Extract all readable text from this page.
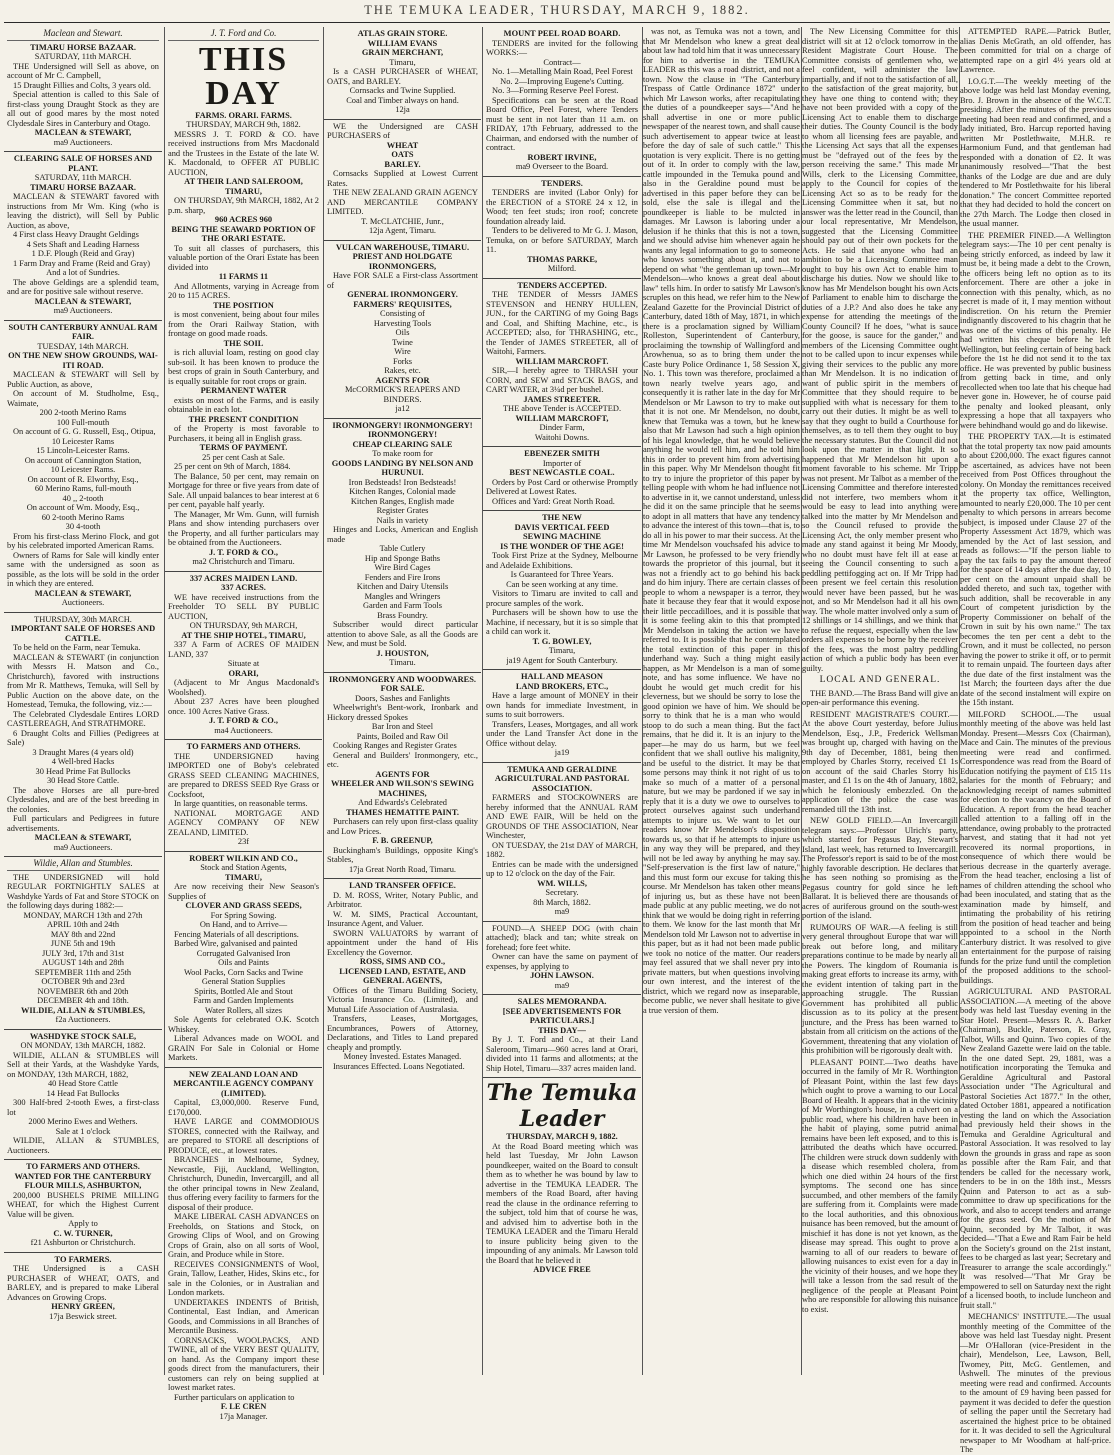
THE TEMUKA LEADER, THURSDAY, MARCH 9, 1882.
Maclean and Stewart.
TIMARU HORSE BAZAAR.
SATURDAY, 11th MARCH.
THE Undersigned will Sell as above, on account of Mr C. Campbell,
15 Draught Fillies and Colts, 3 years old.
Special attention is called to this Sale of first-class young Draught Stock as they are all out of good mares by the most noted Clydesdale Sires in Canterbury and Otago.
MACLEAN & STEWART,
ma9 Auctioneers.
CLEARING SALE OF HORSES AND PLANT.
SATURDAY, 11th MARCH.
TIMARU HORSE BAZAAR.
MACLEAN & STEWART favored with instructions from Mr Wm. King (who is leaving the district), will Sell by Public Auction, as above,
4 First class Heavy Draught Geldings
4 Sets Shaft and Leading Harness
1 D.F. Plough (Reid and Gray)
1 Farm Dray and Frame (Reid and Gray)
And a lot of Sundries.
The above Geldings are a splendid team, and are for positive sale without reserve.
MACLEAN & STEWART,
ma9 Auctioneers.
SOUTH CANTERBURY ANNUAL RAM FAIR.
TUESDAY, 14th MARCH.
ON THE NEW SHOW GROUNDS, WAI-ITI ROAD.
MACLEAN & STEWART will Sell by Public Auction, as above,
On account of M. Studholme, Esq., Waimate,
200 2-tooth Merino Rams
100 Full-mouth
On account of G. G. Russell, Esq., Otipua,
10 Leicester Rams
15 Lincoln-Leicester Rams.
On account of Cannington Station,
10 Leicester Rams.
On account of R. Elworthy, Esq.,
60 Merino Rams, full-mouth
40 ,, 2-tooth
On account of Wm. Moody, Esq.,
60 2-tooth Merino Rams
30 4-tooth
From his first-class Merino Flock, and got by his celebrated imported American Rams.
Owners of Rams for Sale will kindly enter same with the undersigned as soon as possible, as the lots will be sold in the order in which they are entered.
MACLEAN & STEWART,
Auctioneers.
THURSDAY, 30th MARCH.
IMPORTANT SALE OF HORSES AND CATTLE.
To be held on the Farm, near Temuka.
MACLEAN & STEWART (in conjunction with Messrs H. Matson and Co., Christchurch), favored with instructions from Mr R. Matthews, Temuka, will Sell by Public Auction on the above date, on the Homestead, Temuka, the following, viz.:—
The Celebrated Clydesdale Entires LORD CASTLEREAGH, And STRATHMORE.
6 Draught Colts and Fillies (Pedigrees at Sale)
3 Draught Mares (4 years old)
4 Well-bred Hacks
30 Head Prime Fat Bullocks
30 Head Store Cattle.
The above Horses are all pure-bred Clydesdales, and are of the best breeding in the colonies.
Full particulars and Pedigrees in future advertisements.
MACLEAN & STEWART,
ma9 Auctioneers.
Wildie, Allan and Stumbles.
THE UNDERSIGNED will hold REGULAR FORTNIGHTLY SALES at Washdyke Yards of Fat and Store STOCK on the following days during 1882:—
MONDAY, MARCH 13th and 27th
APRIL 10th and 24th
MAY 8th and 22nd
JUNE 5th and 19th
JULY 3rd, 17th and 31st
AUGUST 14th and 28th
SEPTEMBER 11th and 25th
OCTOBER 9th and 23rd
NOVEMBER 6th and 20th
DECEMBER 4th and 18th.
WILDIE, ALLAN & STUMBLES,
f2a Auctioneers.
WASHDYKE STOCK SALE,
ON MONDAY, 13th MARCH, 1882.
WILDIE, ALLAN & STUMBLES will Sell at their Yards, at the Washdyke Yards, on MONDAY, 13th MARCH, 1882,
40 Head Store Cattle
14 Head Fat Bullocks
300 Half-bred 2-tooth Ewes, a first-class lot
2000 Merino Ewes and Wethers.
Sale at 1 o'clock
WILDIE, ALLAN & STUMBLES, Auctioneers.
TO FARMERS AND OTHERS.
WANTED FOR THE CANTERBURY FLOUR MILLS, ASHBURTON,
200,000 BUSHELS PRIME MILLING WHEAT, for which the Highest Current Value will be given.
Apply to
C. W. TURNER,
f21 Ashburton or Christchurch.
TO FARMERS.
THE Undersigned is a CASH PURCHASER of WHEAT, OATS, and BARLEY, and is prepared to make Liberal Advances on Growing Crops.
HENRY GREEN,
17ja Beswick street.
J. T. Ford and Co.
THIS DAY
FARMS. ORARI. FARMS.
THURSDAY, MARCH 9th, 1882.
MESSRS J. T. FORD & CO. have received instructions from Mrs Macdonald and the Trustees in the Estate of the late W. K. Macdonald, to OFFER AT PUBLIC AUCTION,
AT THEIR LAND SALEROOM, TIMARU,
ON THURSDAY, 9th MARCH, 1882, At 2 p.m. sharp,
960 ACRES 960
BEING THE SEAWARD PORTION OF THE ORARI ESTATE.
To suit all classes of purchasers, this valuable portion of the Orari Estate has been divided into
11 FARMS 11
And Allotments, varying in Acreage from 20 to 115 ACRES.
THE POSITION
is most convenient, being about four miles from the Orari Railway Station, with frontage on good made roads.
THE SOIL
is rich alluvial loam, resting on good clay sub-soil. It has been known to produce the best crops of grain in South Canterbury, and is equally suitable for root crops or grain.
PERMANENT WATER
exists on most of the Farms, and is easily obtainable in each lot.
THE PRESENT CONDITION
of the Property is most favorable to Purchasers, it being all in English grass.
TERMS OF PAYMENT.
25 per cent Cash at Sale.
25 per cent on 9th of March, 1884.
The Balance, 50 per cent, may remain on Mortgage for three or five years from date of Sale. All unpaid balances to bear interest at 6 per cent, payable half yearly.
The Manager, Mr Wm. Gunn, will furnish Plans and show intending purchasers over the Property, and all further particulars may be obtained from the Auctioneers.
J. T. FORD & CO.,
ma2 Christchurch and Timaru.
337 ACRES MAIDEN LAND.
337 ACRES.
WE have received instructions from the Freeholder TO SELL BY PUBLIC AUCTION,
ON THURSDAY, 9th MARCH,
AT THE SHIP HOTEL, TIMARU,
337 A Farm of ACRES OF MAIDEN LAND, 337
Situate at
ORARI,
(Adjacent to Mr Angus Macdonald's Woolshed).
About 237 Acres have been ploughed once. 100 Acres Native Grass.
J. T. FORD & CO.,
ma4 Auctioneers.
TO FARMERS AND OTHERS.
THE UNDERSIGNED having IMPORTED one of Boby's celebrated GRASS SEED CLEANING MACHINES, are prepared to DRESS SEED Rye Grass or Cocksfoot,
In large quantities, on reasonable terms.
NATIONAL MORTGAGE AND AGENCY COMPANY OF NEW ZEALAND, LIMITED.
23f
ROBERT WILKIN AND CO.,
Stock and Station Agents,
TIMARU,
Are now receiving their New Season's Supplies of
CLOVER AND GRASS SEEDS,
For Spring Sowing.
On Hand, and to Arrive—
Fencing Materials of all descriptions.
Barbed Wire, galvanised and painted
Corrugated Galvanised Iron
Oils and Paints
Wool Packs, Corn Sacks and Twine
General Station Supplies
Spirits, Bottled Ale and Stout
Farm and Garden Implements
Water Rollers, all sizes
Sole Agents for celebrated O.K. Scotch Whiskey.
Liberal Advances made on WOOL and GRAIN For Sale in Colonial or Home Markets.
NEW ZEALAND LOAN AND MERCANTILE AGENCY COMPANY (LIMITED).
Capital, £3,000,000. Reserve Fund, £170,000.
HAVE LARGE and COMMODIOUS STORES, connected with the Railway, and are prepared to STORE all descriptions of PRODUCE, etc., at lowest rates.
BRANCHES in Melbourne, Sydney, Newcastle, Fiji, Auckland, Wellington, Christchurch, Dunedin, Invercargill, and all the other principal towns in New Zealand, thus offering every facility to farmers for the disposal of their produce.
MAKE LIBERAL CASH ADVANCES on Freeholds, on Stations and Stock, on Growing Clips of Wool, and on Growing Crops of Grain, also on all sorts of Wool, Grain, and Produce while in Store.
RECEIVES CONSIGNMENTS of Wool, Grain, Tallow, Leather, Hides, Skins etc., for sale in the Colonies, or in Australian and London markets.
UNDERTAKES INDENTS of British, Continental, East Indian, and American Goods, and Commissions in all Branches of Mercantile Business.
CORNSACKS, WOOLPACKS, AND TWINE, all of the VERY BEST QUALITY, on hand. As the Company import these goods direct from the manufacturers, their customers can rely on being supplied at lowest market rates.
Further particulars on application to
F. LE CREN
17ja Manager.
ATLAS GRAIN STORE.
WILLIAM EVANS
GRAIN MERCHANT,
Timaru,
Is a CASH PURCHASER of WHEAT, OATS, and BARLEY.
Cornsacks and Twine Supplied.
Coal and Timber always on hand.
12ja
WE the Undersigned are CASH PURCHASERS of
WHEAT
OATS
BARLEY.
Cornsacks Supplied at Lowest Current Rates.
THE NEW ZEALAND GRAIN AGENCY AND MERCANTILE COMPANY LIMITED.
T. McCLATCHIE, Junr.,
12ja Agent, Timaru.
VULCAN WAREHOUSE, TIMARU.
PRIEST AND HOLDGATE
IRONMONGERS,
Have FOR SALE a First-class Assortment of
GENERAL IRONMONGERY.
FARMERS' REQUISITES,
Consisting of
Harvesting Tools
Oils
Twine
Wire
Forks
Rakes, etc.
AGENTS FOR
McCORMICK'S REAPERS AND BINDERS.
ja12
IRONMONGERY! IRONMONGERY! IRONMONGERY!
CHEAP CLEARING SALE
To make room for
GOODS LANDING BY NELSON AND HURUNUI.
Iron Bedsteads! Iron Bedsteads!
Kitchen Ranges, Colonial made
Kitchen Ranges, English made
Register Grates
Nails in variety
Hinges and Locks, American and English made
Table Cutlery
Hip and Sponge Baths
Wire Bird Cages
Fenders and Fire Irons
Kitchen and Dairy Utensils
Mangles and Wringers
Garden and Farm Tools
Brass Foundry.
Subscriber would direct particular attention to above Sale, as all the Goods are New, and must be Sold.
J. HOUSTON,
Timaru.
IRONMONGERY AND WOODWARES.
FOR SALE.
Doors, Sashes and Fanlights
Wheelwright's Bent-work, Ironbark and Hickory dressed Spokes
Bar Iron and Steel
Paints, Boiled and Raw Oil
Cooking Ranges and Register Grates
General and Builders' Ironmongery, etc., etc.
AGENTS FOR
WHEELER AND WILSON'S SEWING MACHINES,
And Edwards's Celebrated
THAMES HEMATITE PAINT.
Purchasers can rely upon first-class quality and Low Prices.
F. B. GREENUP,
Buckingham's Buildings, opposite King's Stables,
17ja Great North Road, Timaru.
LAND TRANSFER OFFICE.
D. M. ROSS, Writer, Notary Public, and Arbitrator.
W. M. SIMS, Practical Accountant, Insurance Agent, and Valuer.
SWORN VALUATORS by warrant of appointment under the hand of His Excellency the Governor.
ROSS, SIMS AND CO.,
LICENSED LAND, ESTATE, AND GENERAL AGENTS,
Offices of the Timaru Building Society, Victoria Insurance Co. (Limited), and Mutual Life Association of Australasia.
Transfers, Leases, Mortgages, Encumbrances, Powers of Attorney, Declarations, and Titles to Land prepared cheaply and promptly.
Money Invested. Estates Managed.
Insurances Effected. Loans Negotiated.
MOUNT PEEL ROAD BOARD.
TENDERS are invited for the following WORKS:—
Contract—
No. 1—Metalling Main Road, Peel Forest
No. 2—Improving Eugene's Cutting.
No. 3—Forming Reserve Peel Forest.
Specifications can be seen at the Road Board Office, Peel Forest, where Tenders must be sent in not later than 11 a.m. on FRIDAY, 17th February, addressed to the Chairman, and endorsed with the number of contract.
ROBERT IRVINE,
ma9 Overseer to the Board.
TENDERS.
TENDERS are invited (Labor Only) for the ERECTION of a STORE 24 x 12, in Wood; ten feet studs; iron roof; concrete foundation already laid.
Tenders to be delivered to Mr G. J. Mason, Temuka, on or before SATURDAY, March 11.
THOMAS PARKE,
Milford.
TENDERS ACCEPTED.
THE TENDER of Messrs JAMES STEVENSON and HENRY HULLEN, JUN., for the CARTING of my Going Bags and Coal, and Shifting Machine, etc., is ACCEPTED; also, for THRASHING, etc., the Tender of JAMES STREETER, all of Waitohi, Farmers.
WILLIAM MARCROFT.
SIR,—I hereby agree to THRASH your CORN, and SEW and STACK BAGS, and CART WATER, at 3¼d per bushel.
JAMES STREETER.
THE above Tender is ACCEPTED.
WILLIAM MARCROFT,
Dinder Farm,
Waitohi Downs.
EBENEZER SMITH
Importer of
BEST NEWCASTLE COAL.
Orders by Post Card or otherwise Promptly Delivered at Lowest Rates.
Offices and Yard: Great North Road.
THE NEW
DAVIS VERTICAL FEED
SEWING MACHINE
IS THE WONDER OF THE AGE!
Took First Prize at the Sydney, Melbourne and Adelaide Exhibitions.
Is Guaranteed for Three Years.
Can be seen working at any time.
Visitors to Timaru are invited to call and procure samples of the work.
Purchasers will be shown how to use the Machine, if necessary, but it is so simple that a child can work it.
T. G. BOWLEY,
Timaru,
ja19 Agent for South Canterbury.
HALL AND MEASON
LAND BROKERS, ETC.,
Have a large amount of MONEY in their own hands for immediate Investment, in sums to suit borrowers.
Transfers, Leases, Mortgages, and all work under the Land Transfer Act done in the Office without delay.
ja19
TEMUKA AND GERALDINE AGRICULTURAL AND PASTORAL ASSOCIATION.
FARMERS and STOCKOWNERS are hereby informed that the ANNUAL RAM AND EWE FAIR, Will be held on the GROUNDS OF THE ASSOCIATION, Near Winchester,
ON TUESDAY, the 21st DAY of MARCH, 1882.
Entries can be made with the undersigned up to 12 o'clock on the day of the Fair.
WM. WILLS,
Secretary.
8th March, 1882.
ma9
FOUND—A SHEEP DOG (with chain attached); black and tan; white streak on forehead; fore feet white.
Owner can have the same on payment of expenses, by applying to
JOHN LAWSON.
ma9
SALES MEMORANDA.
[SEE ADVERTISEMENTS FOR PARTICULARS.]
THIS DAY—
By J. T. Ford and Co., at their Land Saleroom, Timaru—960 acres land at Orari, divided into 11 farms and allotments; at the Ship Hotel, Timaru—337 acres maiden land.
The Temuka Leader
THURSDAY, MARCH 9, 1882.
At the Road Board meeting which was held last Tuesday, Mr John Lawson poundkeeper, waited on the Board to consult them as to whether he was bound by law to advertise in the TEMUKA LEADER. The members of the Road Board, after having read the clause in the ordinance referring to the subject, told him that of course he was, and advised him to advertise both in the TEMUKA LEADER and the Timaru Herald to insure publicity being given to the impounding of any animals. Mr Lawson told the Board that he believed it
ADVICE FREE

was not, as Temuka was not a town, and that Mr Mendelson who knew a great deal about law had told him that it was unnecessary for him to advertise in the TEMUKA LEADER as this was a road district, and not a town. Now the clause in "The Canterbury Trespass of Cattle Ordinance 1872" under which Mr Lawson works, after recapitulating the duties of a poundkeeper says—"And he shall advertise in one or more public newspaper of the nearest town, and shall cause such advertisement to appear twice at least before the day of sale of such cattle." This quotation is very explicit. There is no getting out of it. In order to comply with the law, cattle impounded in the Temuka pound and also in the Geraldine pound must be advertised in this paper before they can be sold, else the sale is illegal and the poundkeeper is liable to be mulcted in damages. Mr Lawson is laboring under a delusion if he thinks that this is not a town, and we should advise him whenever again he wants any legal information to go to someone who knows something about it, and not to depend on what "the gentleman up town—Mr Mendelson—who knows a great deal about law" tells him. In order to satisfy Mr Lawson's scruples on this head, we refer him to the New Zealand Gazette for the Provincial District of Canterbury, dated 18th of May, 1871, in which there is a proclamation signed by William Rolleston, Superintendent of Canterbury, proclaiming the township of Wallingford and Arowhenua, so as to bring them under the Caste bury Police Ordinance 1, 58 Session X, No. 1. This town was therefore, proclaimed a town nearly twelve years ago, and consequently it is rather late in the day for Mr Mendelson or Mr Lawson to try to make out that it is not one. Mr Mendelson, no doubt, knew that Temuka was a town, but he knew also that Mr Lawson had such a high opinion of his legal knowledge, that he would believe anything he would tell him, and he told him this in order to prevent him from advertising in this paper. Why Mr Mendelson thought fit to try to injure the proprietor of this paper by telling people with whom he had influence not to advertise in it, we cannot understand, unless he did it on the same principle that he seems to adopt in all matters that have any tendency to advance the interest of this town—that is, to do all in his power to mar their success. At the time Mr Mendelson vouchsafed his advice to Mr Lawson, he professed to be very friendly towards the proprietor of this journal, but it was not a friendly act to go behind his back and do him injury. There are certain classes of people to whom a newspaper is a terror, they hate it because they fear that it would expose their little peccadilloes, and it is possible that it is some feeling akin to this that prompted Mr Mendelson in taking the action we have referred to. It is possible that he contemplated the total extinction of this paper in this underhand way. Such a thing might easily happen, as Mr Mendelson is a man of some note, and has some influence. We have no doubt he would get much credit for his cleverness, but we should be sorry to lose the good opinion we have of him. We should be sorry to think that he is a man who would stoop to do such a mean thing. But the fact remains, that he did it. It is an injury to the paper—he may do us harm, but we feel confident that we shall outlive his malignity, and be useful to the district. It may be that some persons may think it not right of us to make so much of a matter of a personal nature, but we may be pardoned if we say in reply that it is a duty we owe to ourselves to protect ourselves against such underhand attempts to injure us. We want to let our readers know Mr Mendelson's disposition towards us, so that if he attempts to injure us in any way they will be prepared, and they will not be led away by anything he may say. "Self-preservation is the first law of nature," and this must form our excuse for taking this course. Mr Mendelson has taken other means of injuring us, but as these have not been made public at any public meeting, we do not think that we would be doing right in referring to them. We know for the last month that Mr Mendelson told Mr Lawson not to advertise in this paper, but as it had not been made public we took no notice of the matter. Our readers may feel assured that we shall never pry into private matters, but when questions involving our own interest, and the interest of the district, which we regard now as inseparable, become public, we never shall hesitate to give a true version of them.

The New Licensing Committee for this district will sit at 12 o'clock tomorrow in the Resident Magistrate Court House. The Committee consists of gentlemen who, we feel confident, will administer the law impartially, and if not to the satisfaction of all, to the satisfaction of the great majority, but they have one thing to contend with; they have not been provided with a copy of the Licensing Act to enable them to discharge their duties. The County Council is the body to whom all licensing fees are payable, and the Licensing Act says that all the expenses must be "defrayed out of the fees by the person receiving the same." This made Mr Wills, clerk to the Licensing Committee, apply to the Council for copies of the Licensing Act so as to be ready for the Licensing Committee when it sat, but no answer was the letter read in the Council, than our local representative, Mr Mendelson, suggested that the Licensing Committee should pay out of their own pockets for the Acts. He said that anyone who had an ambition to be a Licensing Committee man ought to buy his own Act to enable him to discharge his duties. Now we should like to know has Mr Mendelson bought his own Acts of Parliament to enable him to discharge the duties of a J.P.? And also does he take any expense for attending the meetings of the County Council? If he does, "what is sauce for the goose, is sauce for the gander," and members of the Licensing Committee ought not to be called upon to incur expenses while giving their services to the public any more than Mr Mendelson. It is no indication of want of public spirit in the members of Committee that they should require to be supplied with what is necessary for them to carry out their duties. It might be as well to say that they ought to build a Courthouse for themselves, as to tell them they ought to buy the necessary statutes. But the Council did not look upon the matter in that light. It so happened that Mr Mendelson hit upon a moment favorable to his scheme. Mr Tripp was not present. Mr Talbot as a member of the Licensing Committee and therefore interested did not interfere, two members whom it would be easy to lead into anything were talked into the matter by Mr Mendelson and so the Council refused to provide the Licensing Act, the only member present who made any stand against it being Mr Moody, who no doubt must have felt ill at ease at seeing the Council consenting to such a peddling pettifogging act on. If Mr Tripp had been present we feel certain this resolution would never have been passed, but he was not, and so Mr Mendelson had it all his own way. The whole matter involved only a sum of 12 shillings or 14 shillings, and we think that to refuse the request, especially when the law orders all expenses to be borne by the receiver of the fees, was the most paltry peddling action of which a public body has been ever guilty.

LOCAL AND GENERAL.

THE BAND.—The Brass Band will give an open-air performance this evening.

RESIDENT MAGISTRATE'S COURT.—At the above Court yesterday, before Julius Mendelson, Esq., J.P., Frederick Wellsman was brought up, charged with having on the 9th day of December, 1881, being then employed by Charles Storry, received £1 1s on account of the said Charles Storry his master, and £1 1s on the 4th of January, 1882, which he feloniously embezzled. On the application of the police the case was remanded till the 13th inst.

NEW GOLD FIELD.—An Invercargill telegram says:—Professor Ulrich's party, which started for Pegasus Bay, Stewart's Island, last week, has returned to Invercargill. The Professor's report is said to be of the most highly favorable description. He declares that he has seen nothing so promising as the Pegasus country for gold since he left Ballarat. It is believed there are thousands of acres of auriferous ground on the south-west portion of the island.

RUMOURS OF WAR.—A feeling is still very general throughout Europe that war will break out before long, and military preparations continue to be made by nearly all the Powers. The kingdom of Roumania is making great efforts to increase its army, with the evident intention of taking part in the approaching struggle. The Russian Government has prohibited all public discussion as to its policy at the present juncture, and the Press has been warned to abstain from all criticism on the actions of the Government, threatening that any violation of this prohibition will be rigorously dealt with.

PLEASANT POINT.—Two deaths have occurred in the family of Mr R. Worthington of Pleasant Point, within the last few days which ought to prove a warning to our Local Board of Health. It appears that in the vicinity of Mr Worthington's house, in a culvert on a public road, where his children have been in the habit of playing, some putrid animal remains have been left exposed, and to this is attributed the deaths which have occurred. The children were struck down suddenly with a disease which resembled cholera, from which one died within 24 hours of the first symptoms. The second one has since succumbed, and other members of the family are suffering from it. Complaints were made to the local authorities, and this obnoxious nuisance has been removed, but the amount of mischief it has done is not yet known, as the disease may spread. This ought to prove a warning to all of our readers to beware of allowing nuisances to exist even for a day in the vicinity of their houses, and we hope they will take a lesson from the sad result of the negligence of the people at Pleasant Point who are responsible for allowing this nuisance to exist.

ATTEMPTED RAPE.—Patrick Butler, alias Denis McGrath, an old offender, has been committed for trial on a charge of attempted rape on a girl 4½ years old at Lawrence.

I.O.G.T.—The weekly meeting of the above lodge was held last Monday evening, Bro. J. Brown in the absence of the W.C.T. presiding. After the minutes of the previous meeting had been read and confirmed, and a lady initiated, Bro. Harcup reported having written Mr Postlethwaite, M.H.R. re Harmonium Fund, and that gentleman had responded with a donation of £2. It was unanimously resolved—"That the best thanks of the Lodge are due and are duly tendered to Mr Postlethwaite for his liberal donation." The concert Committee reported that they had decided to hold the concert on the 27th March. The Lodge then closed in the usual manner.

THE PREMIER FINED.—A Wellington telegram says:—The 10 per cent penalty is being strictly enforced, as indeed by law it must be, it being made a debt to the Crown, the officers being left no option as to its enforcement. There are other a joke in connection with this penalty, which, as no secret is made of it, I may mention without indiscretion. On his return the Premier indignantly discovered to his chagrin that he was one of the victims of this penalty. He had written his cheque before he left Wellington, but feeling certain of being back before the 1st he did not send it to the tax office. He was prevented by public business from getting back in time, and only recollected when too late that his cheque had never gone in. However, he of course paid the penalty and looked pleasant, only expressing a hope that all taxpayers who were behindhand would go and do likewise.

THE PROPERTY TAX.—It is estimated that the total property tax now paid amounts to about £200,000. The exact figures cannot be ascertained, as advices have not been received from Post Offices throughout the colony. On Monday the remittances received at the property tax office, Wellington, amounted to nearly £20,000. The 10 per cent penalty to which persons in arrears become subject, is imposed under Clause 27 of the Property Assessment Act 1879, which was amended by the Act of last session, and reads as follows:—"If the person liable to pay the tax fails to pay the amount thereof for the space of 14 days after the due day, 10 per cent on the amount unpaid shall be added thereto, and such tax, together with such addition, shall be recoverable in any Court of competent jurisdiction by the Property Commissioner on behalf of the Crown in suit by his own name." The tax becomes the ten per cent a debt to the Crown, and it must be collected, no person having the power to strike it off, or to permit it to remain unpaid. The fourteen days after the due date of the first instalment was the 1st March; the fourteen days after the due date of the second instalment will expire on the 15th instant.

MILFORD SCHOOL.—The usual monthly meeting of the above was held last Monday. Present—Messrs Cox (Chairman), Mace and Cain. The minutes of the previous meeting were read and confirmed. Correspondence was read from the Board of Education notifying the payment of £15 11s salaries for the month of February; and acknowledging receipt of names submitted for election to the vacancy on the Board of Education. A report from the head teacher called attention to a falling off in the attendance, owing probably to the protracted harvest, and stating that it had not yet recovered its normal proportions, in consequence of which there would be serious decrease in the quarterly average. From the head teacher, enclosing a list of names of children attending the school who had been inoculated, and stating that as the examination made by himself, and intimating the probability of his retiring from the position of head teacher and being appointed to a school in the North Canterbury district. It was resolved to give an entertainment for the purpose of raising funds for the prize fund until the completion of the proposed additions to the school-buildings.

AGRICULTURAL AND PASTORAL ASSOCIATION.—A meeting of the above body was held last Tuesday evening in the Star Hotel. Present—Messrs R. A. Barker (Chairman), Buckle, Paterson, R. Gray, Talbot, Wills and Quinn. Two copies of the New Zealand Gazette were laid on the table. In the one dated Sept. 29, 1881, was a notification incorporating the Temuka and Geraldine Agricultural and Pastoral Association under "The Agricultural and Pastoral Societies Act 1877." In the other, dated October 1881, appeared a notification vesting the land on which the Association had previously held their shows in the Temuka and Geraldine Agricultural and Pastoral Association. It was resolved to lay down the grounds in grass and rape as soon as possible after the Ram Fair, and that tenders be called for the necessary work, tenders to be in on the 18th inst., Messrs Quinn and Paterson to act as a sub-committee to draw up specifications for the work, and also to accept tenders and arrange for the grass seed. On the motion of Mr Quinn, seconded by Mr Talbot, it was decided—"That a Ewe and Ram Fair be held on the Society's ground on the 21st instant, fees to be charged as last year; Secretary and Treasurer to arrange the scale accordingly." It was resolved—"That Mr Gray be empowered to sell on Saturday next the right of a licensed booth, to include luncheon and fruit stall."

MECHANICS' INSTITUTE.—The usual monthly meeting of the Committee of the above was held last Tuesday night. Present—Mr O'Halloran (vice-President in the chair), Mendelson, Lee, Lawson, Bell, Twomey, Pitt, McG. Gentlemen, and Ashwell. The minutes of the previous meeting were read and confirmed. Accounts to the amount of £9 having been passed for payment it was decided to defer the question of selling the paper until the Secretary had ascertained the highest price to be obtained for it. It was decided to sell the Agricultural newspaper to Mr Woodham at half-price. The
